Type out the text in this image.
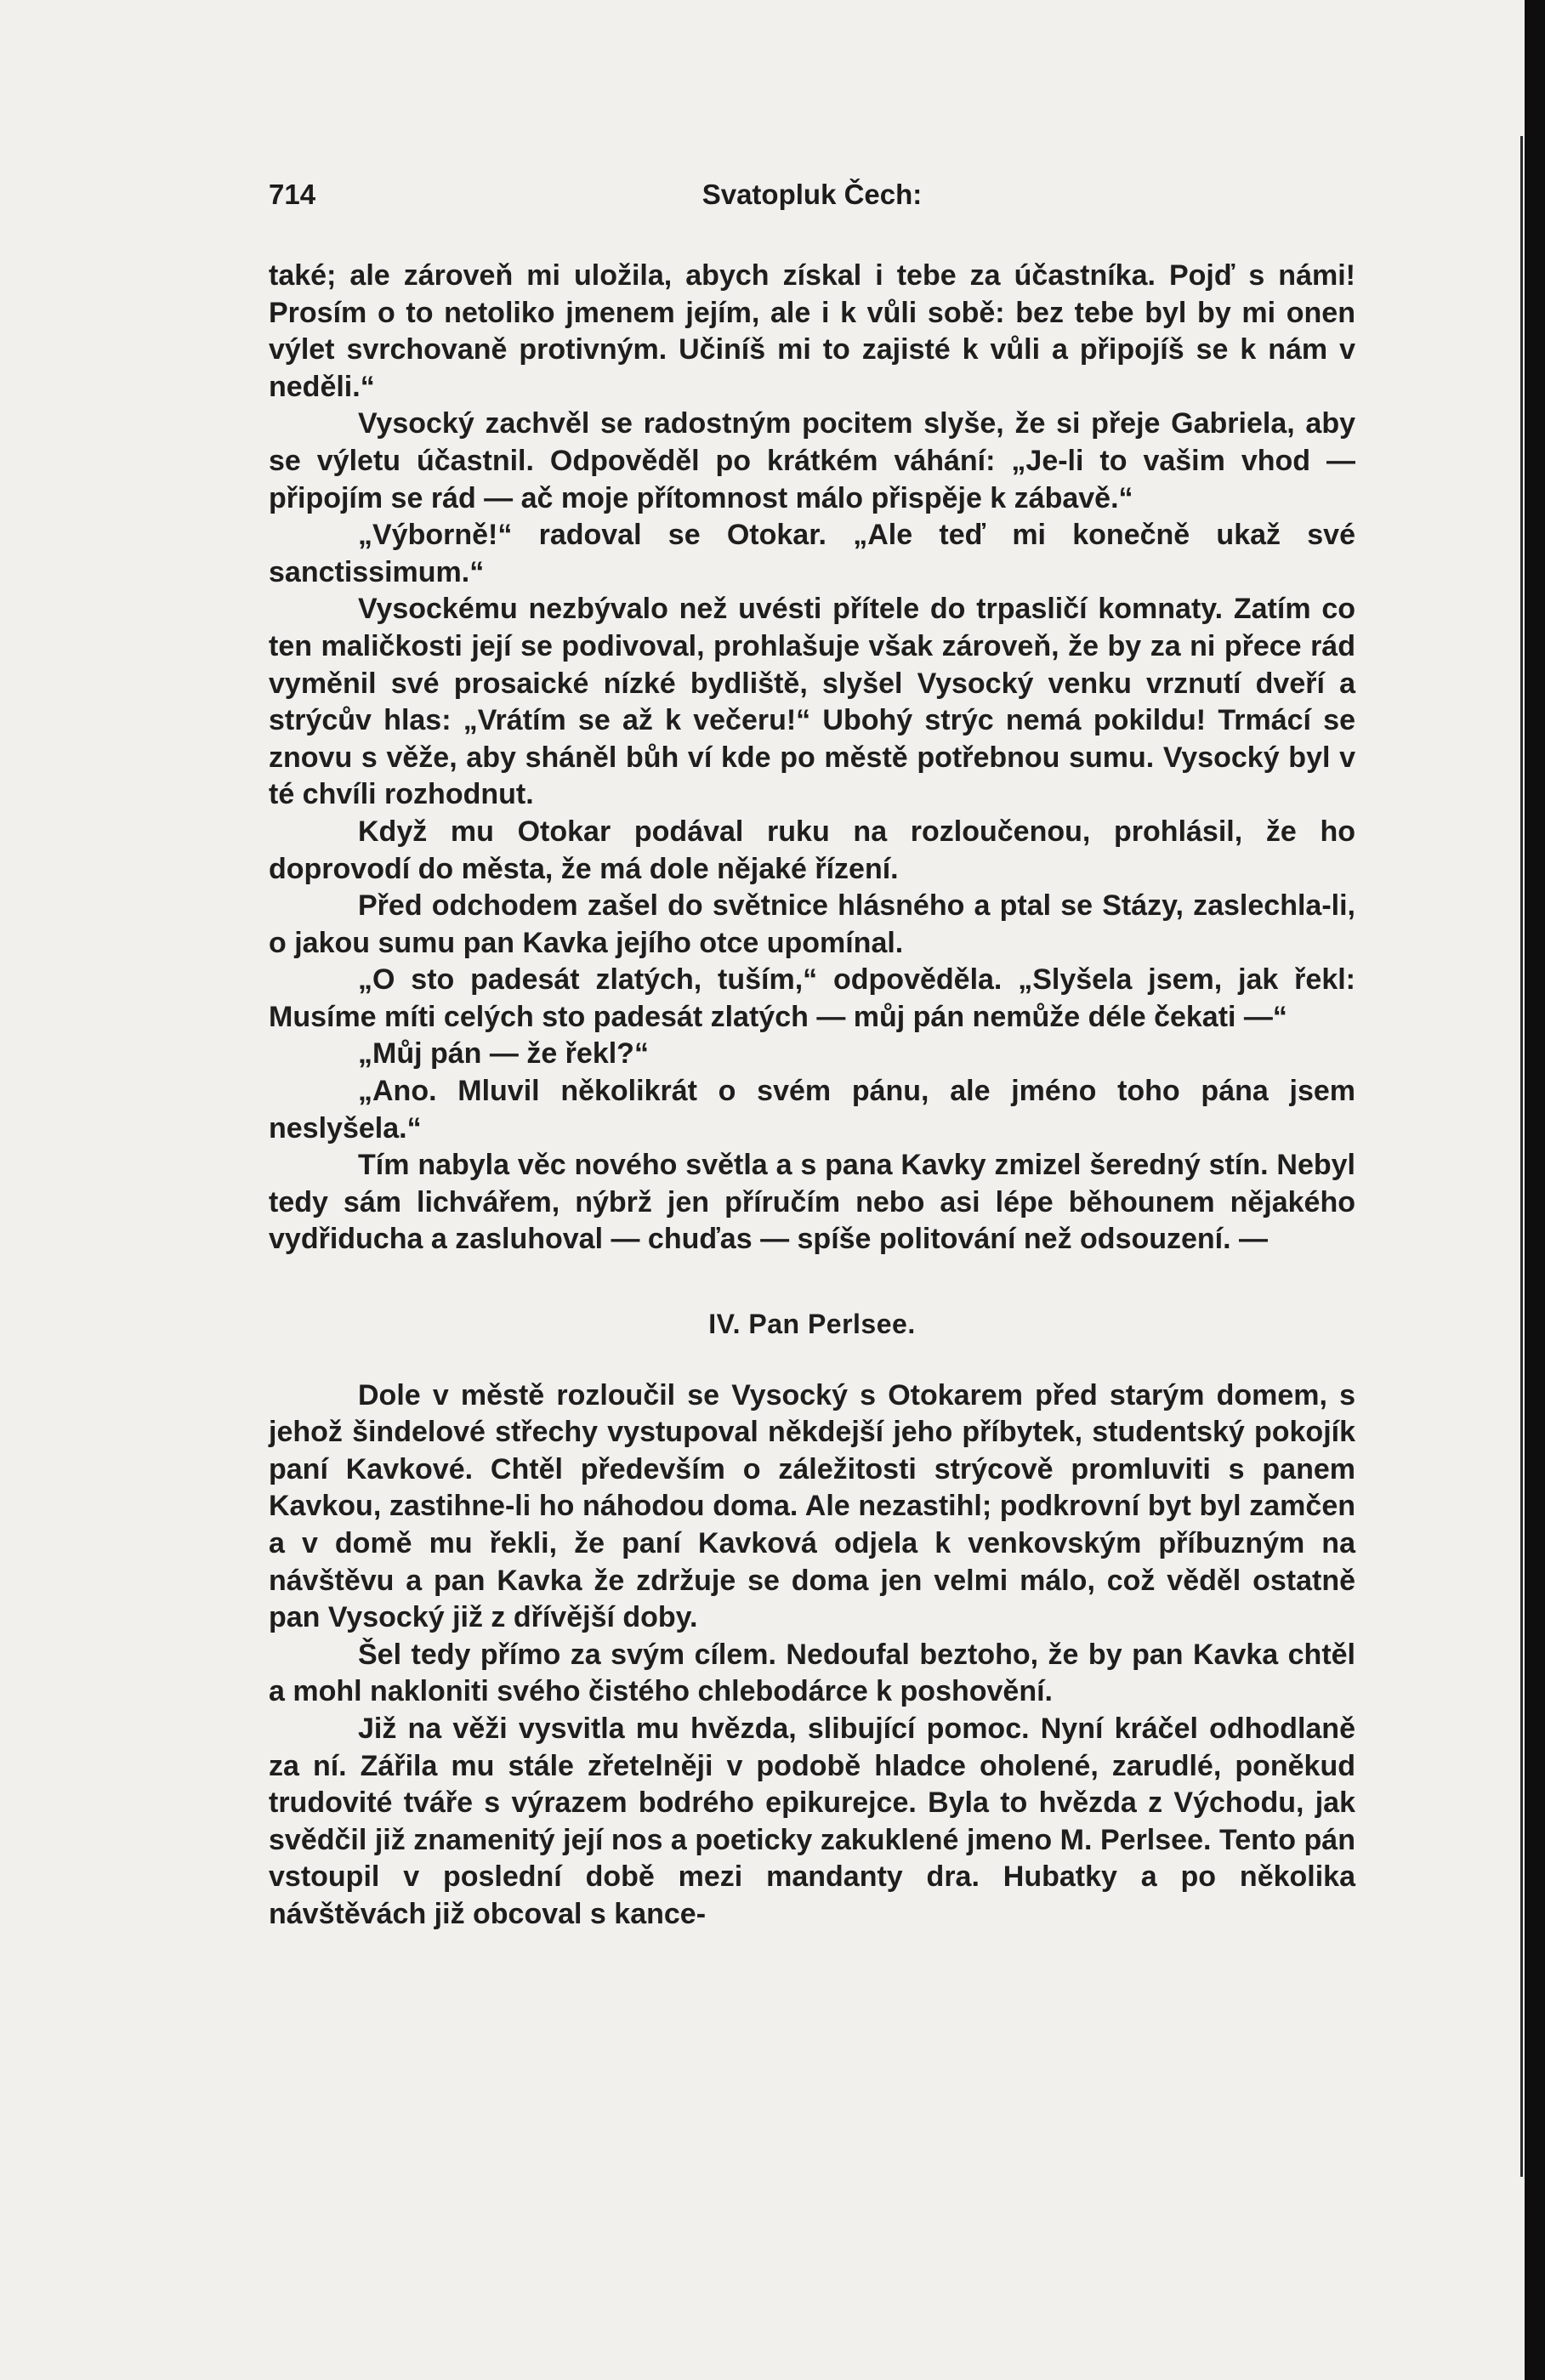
714	Svatopluk Čech:

také; ale zároveň mi uložila, abych získal i tebe za účastníka. Pojď s námi! Prosím o to netoliko jmenem jejím, ale i k vůli sobě: bez tebe byl by mi onen výlet svrchovaně protivným. Učiníš mi to zajisté k vůli a připojíš se k nám v neděli.“

Vysocký zachvěl se radostným pocitem slyše, že si přeje Gabriela, aby se výletu účastnil. Odpověděl po krátkém váhání: „Je-li to vašim vhod — připojím se rád — ač moje přítomnost málo přispěje k zábavě.“

„Výborně!“ radoval se Otokar. „Ale teď mi konečně ukaž své sanctissimum.“

Vysockému nezbývalo než uvésti přítele do trpasličí komnaty. Zatím co ten maličkosti její se podivoval, prohlašuje však zároveň, že by za ni přece rád vyměnil své prosaické nízké bydliště, slyšel Vysocký venku vrznutí dveří a strýcův hlas: „Vrátím se až k večeru!“ Ubohý strýc nemá pokildu! Trmácí se znovu s věže, aby sháněl bůh ví kde po městě potřebnou sumu. Vysocký byl v té chvíli rozhodnut.

Když mu Otokar podával ruku na rozloučenou, prohlásil, že ho doprovodí do města, že má dole nějaké řízení.

Před odchodem zašel do světnice hlásného a ptal se Stázy, zaslechla-li, o jakou sumu pan Kavka jejího otce upomínal.

„O sto padesát zlatých, tuším,“ odpověděla. „Slyšela jsem, jak řekl: Musíme míti celých sto padesát zlatých — můj pán nemůže déle čekati —“

„Můj pán — že řekl?“

„Ano. Mluvil několikrát o svém pánu, ale jméno toho pána jsem neslyšela.“

Tím nabyla věc nového světla a s pana Kavky zmizel šeredný stín. Nebyl tedy sám lichvářem, nýbrž jen příručím nebo asi lépe běhounem nějakého vydřiducha a zasluhoval — chuďas — spíše politování než odsouzení. —

IV. Pan Perlsee.

Dole v městě rozloučil se Vysocký s Otokarem před starým domem, s jehož šindelové střechy vystupoval někdejší jeho příbytek, studentský pokojík paní Kavkové. Chtěl především o záležitosti strýcově promluviti s panem Kavkou, zastihne-li ho náhodou doma. Ale nezastihl; podkrovní byt byl zamčen a v domě mu řekli, že paní Kavková odjela k venkovským příbuzným na návštěvu a pan Kavka že zdržuje se doma jen velmi málo, což věděl ostatně pan Vysocký již z dřívější doby.

Šel tedy přímo za svým cílem. Nedoufal beztoho, že by pan Kavka chtěl a mohl nakloniti svého čistého chlebodárce k poshovění.

Již na věži vysvitla mu hvězda, slibující pomoc. Nyní kráčel odhodlaně za ní. Zářila mu stále zřetelněji v podobě hladce oholené, zarudlé, poněkud trudovité tváře s výrazem bodrého epikurejce. Byla to hvězda z Východu, jak svědčil již znamenitý její nos a poeticky zakuklené jmeno M. Perlsee. Tento pán vstoupil v poslední době mezi mandanty dra. Hubatky a po několika návštěvách již obcoval s kance-
